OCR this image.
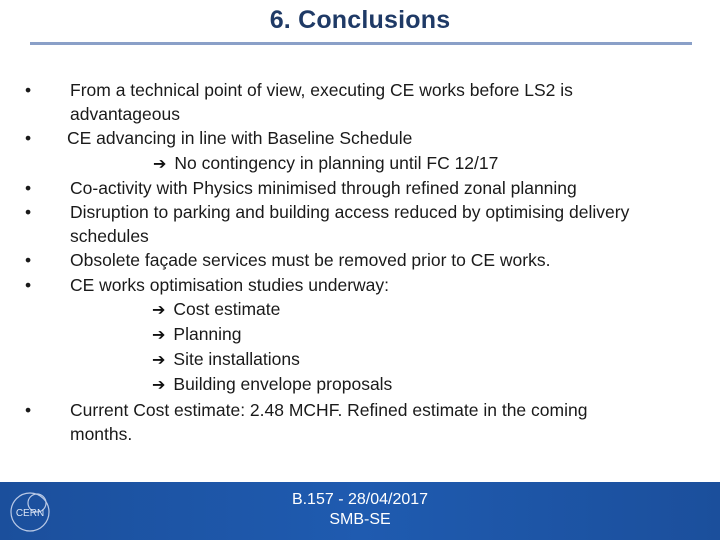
6. Conclusions
•	From a technical point of view, executing CE works before LS2 is
advantageous
•	CE advancing in line with Baseline Schedule
➔ No contingency in planning until FC 12/17
•	Co-activity with Physics minimised through refined zonal planning
•	Disruption to parking and building access reduced by optimising delivery
schedules
•	Obsolete façade services must be removed prior to CE works.
•	CE works optimisation studies underway:
➔ Cost estimate
➔ Planning
➔ Site installations
➔ Building envelope proposals
•	Current Cost estimate: 2.48 MCHF. Refined estimate in the coming
months.
CERN
B.157 - 28/04/2017
SMB-SE
